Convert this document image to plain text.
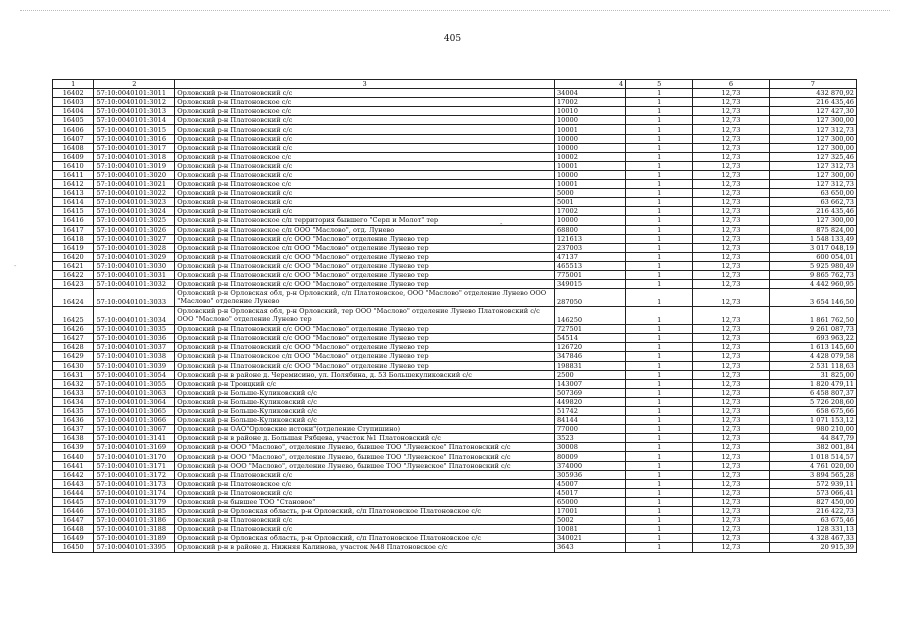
405
-
-
1	2	3	4	5	6	7
16402	57:10:0040101:3011	Орловский р-н Платоновский с/с	34004	1	12,73	432 870,92
16403	57:10:0040101:3012	Орловский р-н Платоновское с/с	17002	1	12,73	216 435,46
16404	57:10:0040101:3013	Орловский р-н Платоновское с/с	10010	1	12,73	127 427,30
16405	57:10:0040101:3014	Орловский р-н Платоновский с/с	10000	1	12,73	127 300,00
16406	57:10:0040101:3015	Орловский р-н Платоновский с/с	10001	1	12,73	127 312,73
16407	57:10:0040101:3016	Орловский р-н Платоновский с/с	10000	1	12,73	127 300,00
16408	57:10:0040101:3017	Орловский р-н Платоновский с/с	10000	1	12,73	127 300,00
16409	57:10:0040101:3018	Орловский р-н Платоновское с/с	10002	1	12,73	127 325,46
16410	57:10:0040101:3019	Орловский р-н Платоновский с/с	10001	1	12,73	127 312,73
16411	57:10:0040101:3020	Орловский р-н Платоновский с/с	10000	1	12,73	127 300,00
16412	57:10:0040101:3021	Орловский р-н Платоновское с/с	10001	1	12,73	127 312,73
16413	57:10:0040101:3022	Орловский р-н Платоновский с/с	5000	1	12,73	63 650,00
16414	57:10:0040101:3023	Орловский р-н Платоновский с/с	5001	1	12,73	63 662,73
16415	57:10:0040101:3024	Орловский р-н Платоновский с/с	17002	1	12,73	216 435,46
16416	57:10:0040101:3025	Орловский р-н Платоновское с/п территория бывшего "Серп и Молот" тер	10000	1	12,73	127 300,00
16417	57:10:0040101:3026	Орловский р-н Платоновское с/п ООО "Маслово", отд. Лунево	68800	1	12,73	875 824,00
16418	57:10:0040101:3027	Орловский р-н Платоновский с/с ООО "Маслово" отделение Лунево тер	121613	1	12,73	1 548 133,49
16419	57:10:0040101:3028	Орловский р-н Платоновское с/п ООО "Маслово" отделение Лунево тер	237003	1	12,73	3 017 048,19
16420	57:10:0040101:3029	Орловский р-н Платоновский с/с ООО "Маслово" отделение Лунево тер	47137	1	12,73	600 054,01
16421	57:10:0040101:3030	Орловский р-н Платоновский с/с ООО "Маслово" отделение Лунево тер	465513	1	12,73	5 925 980,49
16422	57:10:0040101:3031	Орловский р-н Платоновский с/с ООО "Маслово" отделение Лунево тер	775001	1	12,73	9 865 762,73
16423	57:10:0040101:3032	Орловский р-н Платоновский с/с ООО "Маслово" отделение Лунево тер	349015	1	12,73	4 442 960,95
16424	57:10:0040101:3033	Орловский р-н Орловская обл, р-н Орловский, с/п Платоновское, ООО "Маслово" отделение Лунево ООО "Маслово" отделение Лунево	287050	1	12,73	3 654 146,50
16425	57:10:0040101:3034	Орловский р-н Орловская обл, р-н Орловский, тер ООО "Маслово" отделение Лунево Платоновский с/с ООО "Маслово" отделение Лунево тер	146250	1	12,73	1 861 762,50
16426	57:10:0040101:3035	Орловский р-н Платоновский с/с ООО "Маслово" отделение Лунево тер	727501	1	12,73	9 261 087,73
16427	57:10:0040101:3036	Орловский р-н Платоновский с/с ООО "Маслово" отделение Лунево тер	54514	1	12,73	693 963,22
16428	57:10:0040101:3037	Орловский р-н Платоновский с/с ООО "Маслово" отделение Лунево тер	126720	1	12,73	1 613 145,60
16429	57:10:0040101:3038	Орловский р-н Платоновское с/п ООО "Маслово" отделение Лунево тер	347846	1	12,73	4 428 079,58
16430	57:10:0040101:3039	Орловский р-н Платоновский с/с ООО "Маслово" отделение Лунево тер	198831	1	12,73	2 531 118,63
16431	57:10:0040101:3054	Орловский р-н в районе д. Черемисино, ул. Полябина, д. 53 Большекуликовский с/с	2500	1	12,73	31 825,00
16432	57:10:0040101:3055	Орловский р-н Троицкий с/с	143007	1	12,73	1 820 479,11
16433	57:10:0040101:3063	Орловский р-н Больше-Куликовский с/с	507369	1	12,73	6 458 807,37
16434	57:10:0040101:3064	Орловский р-н Больше-Куликовский с/с	449820	1	12,73	5 726 208,60
16435	57:10:0040101:3065	Орловский р-н Больше-Куликовский с/с	51742	1	12,73	658 675,66
16436	57:10:0040101:3066	Орловский р-н Больше-Куликовский с/с	84144	1	12,73	1 071 153,12
16437	57:10:0040101:3067	Орловский р-н ОАО"Орловские истоки"(отделение Ступишино)	77000	1	12,73	980 210,00
16438	57:10:0040101:3141	Орловский р-н в районе д. Большая Рябцева, участок №1 Платоновский с/с	3523	1	12,73	44 847,79
16439	57:10:0040101:3169	Орловский р-н ООО "Маслово", отделение Лунево, бывшее ТОО "Луневское" Платоновский с/с	30008	1	12,73	382 001,84
16440	57:10:0040101:3170	Орловский р-н ООО "Маслово", отделение Лунево, бывшее ТОО "Луневское" Платоновский с/с	80009	1	12,73	1 018 514,57
16441	57:10:0040101:3171	Орловский р-н ООО "Маслово", отделение Лунево, бывшее ТОО "Луневское" Платоновский с/с	374000	1	12,73	4 761 020,00
16442	57:10:0040101:3172	Орловский р-н Платоновский с/с	305936	1	12,73	3 894 565,28
16443	57:10:0040101:3173	Орловский р-н Платоновское с/с	45007	1	12,73	572 939,11
16444	57:10:0040101:3174	Орловский р-н Платоновский с/с	45017	1	12,73	573 066,41
16445	57:10:0040101:3179	Орловский р-н бывшее ТОО "Становое"	65000	1	12,73	827 450,00
16446	57:10:0040101:3185	Орловский р-н Орловская область, р-н Орловский, с/п Платоновское Платоновское с/с	17001	1	12,73	216 422,73
16447	57:10:0040101:3186	Орловский р-н Платоновский с/с	5002	1	12,73	63 675,46
16448	57:10:0040101:3188	Орловский р-н Платоновский с/с	10081	1	12,73	128 331,13
16449	57:10:0040101:3189	Орловский р-н Орловская область, р-н Орловский, с/п Платоновское Платоновское с/с	340021	1	12,73	4 328 467,33
16450	57:10:0040101:3395	Орловский р-н в районе д. Нижняя Калинова, участок №48 Платоновское с/с	3643	1	12,73	20 915,39
